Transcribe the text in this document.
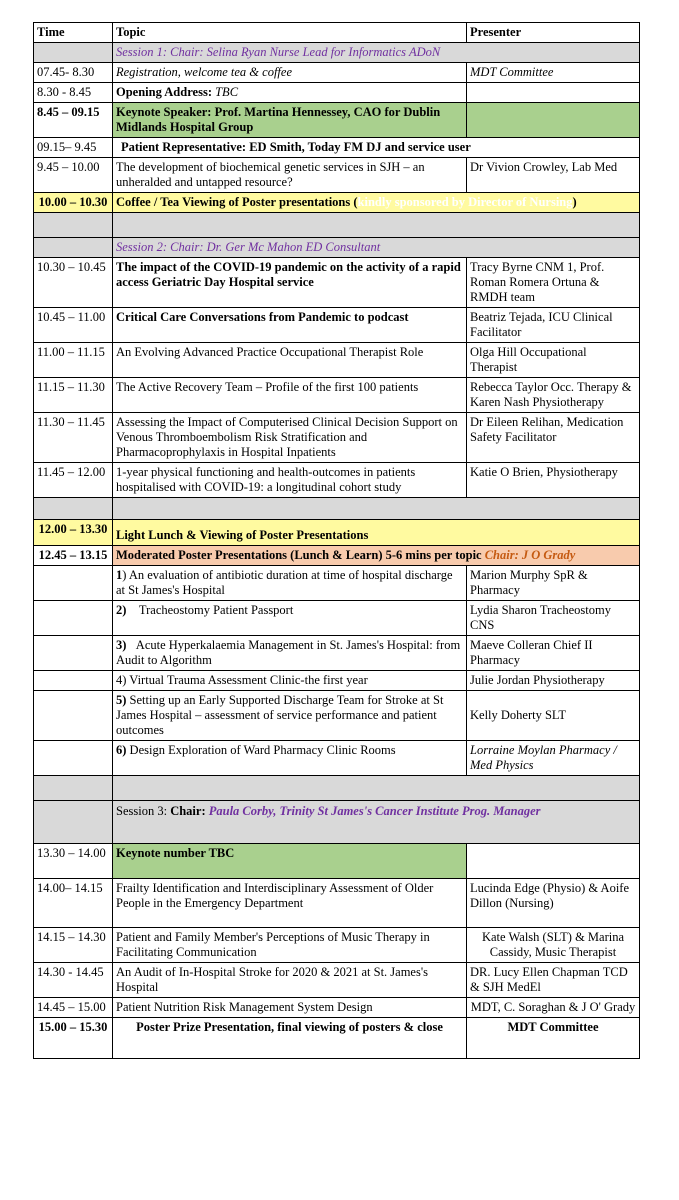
Time	Topic	Presenter
	Session 1: Chair: Selina Ryan Nurse Lead for Informatics ADoN	
07.45- 8.30	Registration, welcome tea & coffee	MDT Committee
8.30 - 8.45	Opening Address: TBC	
8.45 – 09.15	Keynote Speaker: Prof. Martina Hennessey, CAO for Dublin Midlands Hospital Group	
09.15– 9.45	Patient Representative: ED Smith, Today FM DJ and service user	
9.45 – 10.00	The development of biochemical genetic services in SJH – an unheralded and untapped resource?	Dr Vivion Crowley, Lab Med
10.00 – 10.30	Coffee / Tea Viewing of Poster presentations (kindly sponsored by Director of Nursing)	

	Session 2: Chair: Dr. Ger Mc Mahon ED Consultant	
10.30 – 10.45	The impact of the COVID-19 pandemic on the activity of a rapid access Geriatric Day Hospital service	Tracy Byrne CNM 1, Prof. Roman Romera Ortuna & RMDH team
10.45 – 11.00	Critical Care Conversations from Pandemic to podcast	Beatriz Tejada, ICU Clinical Facilitator
11.00 – 11.15	An Evolving Advanced Practice Occupational Therapist Role	Olga Hill Occupational Therapist
11.15 – 11.30	The Active Recovery Team – Profile of the first 100 patients	Rebecca Taylor Occ. Therapy & Karen Nash Physiotherapy
11.30 – 11.45	Assessing the Impact of Computerised Clinical Decision Support on Venous Thromboembolism Risk Stratification and Pharmacoprophylaxis in Hospital Inpatients	Dr Eileen Relihan, Medication Safety Facilitator
11.45 – 12.00	1-year physical functioning and health-outcomes in patients hospitalised with COVID-19: a longitudinal cohort study	Katie O Brien, Physiotherapy

12.00 – 13.30	Light Lunch & Viewing of Poster Presentations	
12.45 – 13.15	Moderated Poster Presentations (Lunch & Learn) 5-6 mins per topic Chair: J O Grady	
	1) An evaluation of antibiotic duration at time of hospital discharge at St James's Hospital	Marion Murphy SpR & Pharmacy
	2) Tracheostomy Patient Passport	Lydia Sharon Tracheostomy CNS
	3) Acute Hyperkalaemia Management in St. James's Hospital: from Audit to Algorithm	Maeve Colleran Chief II Pharmacy
	4) Virtual Trauma Assessment Clinic-the first year	Julie Jordan Physiotherapy
	5) Setting up an Early Supported Discharge Team for Stroke at St James Hospital – assessment of service performance and patient outcomes	Kelly Doherty SLT
	6) Design Exploration of Ward Pharmacy Clinic Rooms	Lorraine Moylan Pharmacy / Med Physics

	Session 3: Chair: Paula Corby, Trinity St James's Cancer Institute Prog. Manager	
13.30 – 14.00	Keynote number TBC	
14.00– 14.15	Frailty Identification and Interdisciplinary Assessment of Older People in the Emergency Department	Lucinda Edge (Physio) & Aoife Dillon (Nursing)
14.15 – 14.30	Patient and Family Member's Perceptions of Music Therapy in Facilitating Communication	Kate Walsh (SLT) & Marina Cassidy, Music Therapist
14.30 - 14.45	An Audit of In-Hospital Stroke for 2020 & 2021 at St. James's Hospital	DR. Lucy Ellen Chapman TCD & SJH MedEl
14.45 – 15.00	Patient Nutrition Risk Management System Design	MDT, C. Soraghan & J O' Grady
15.00 – 15.30	Poster Prize Presentation, final viewing of posters & close	MDT Committee
